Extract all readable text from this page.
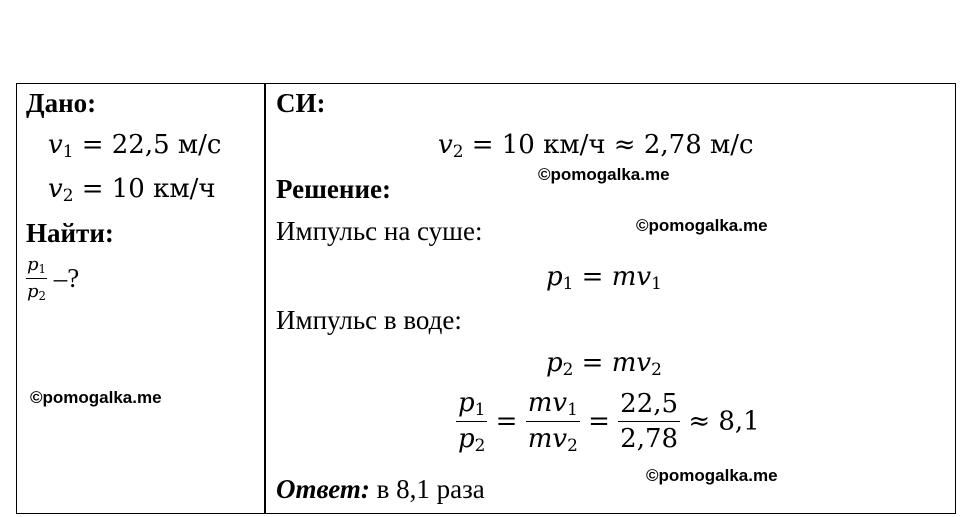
Дано:
$v_1 = 22,5$ м/с
$v_2 = 10$ км/ч
Найти:
$\frac{p_1}{p_2}$ –?
СИ:
$v_2 = 10$ км/ч ≈ 2,78 м/с
Решение:
Импульс на суше:
$p_1 = mv_1$
Импульс в воде:
$p_2 = mv_2$
$\frac{p_1}{p_2} = \frac{mv_1}{mv_2} = \frac{22,5}{2,78} \approx 8,1$
Ответ: в 8,1 раза
©pomogalka.me
©pomogalka.me
©pomogalka.me
©pomogalka.me
